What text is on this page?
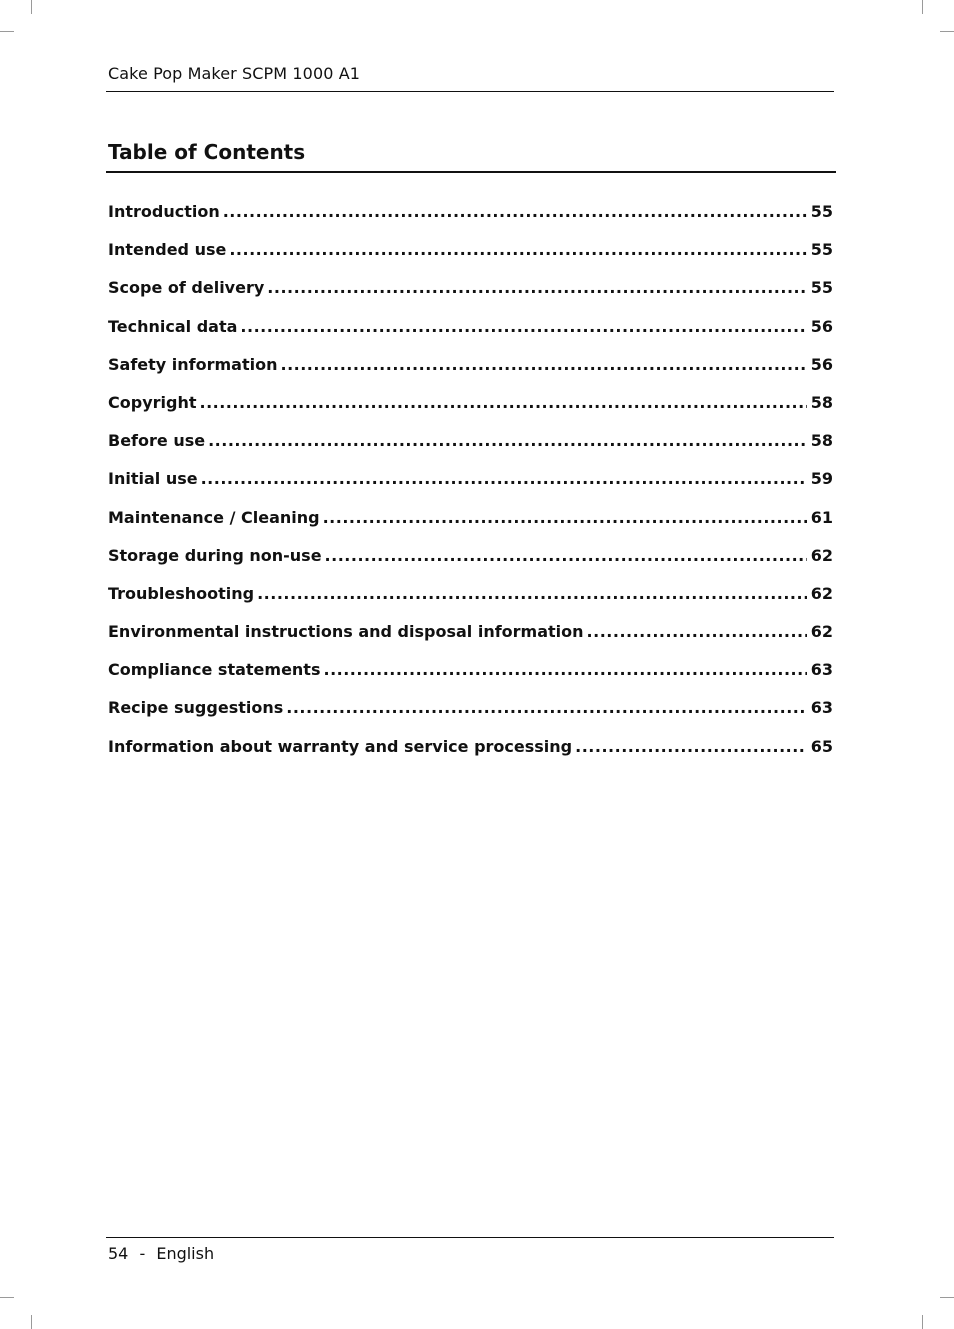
Cake Pop Maker SCPM 1000 A1
Table of Contents
Introduction .....	55
Intended use .....	55
Scope of delivery .....	55
Technical data .....	56
Safety information .....	56
Copyright .....	58
Before use .....	58
Initial use .....	59
Maintenance / Cleaning .....	61
Storage during non-use .....	62
Troubleshooting .....	62
Environmental instructions and disposal information .....	62
Compliance statements .....	63
Recipe suggestions .....	63
Information about warranty and service processing .....	65
54 - English
